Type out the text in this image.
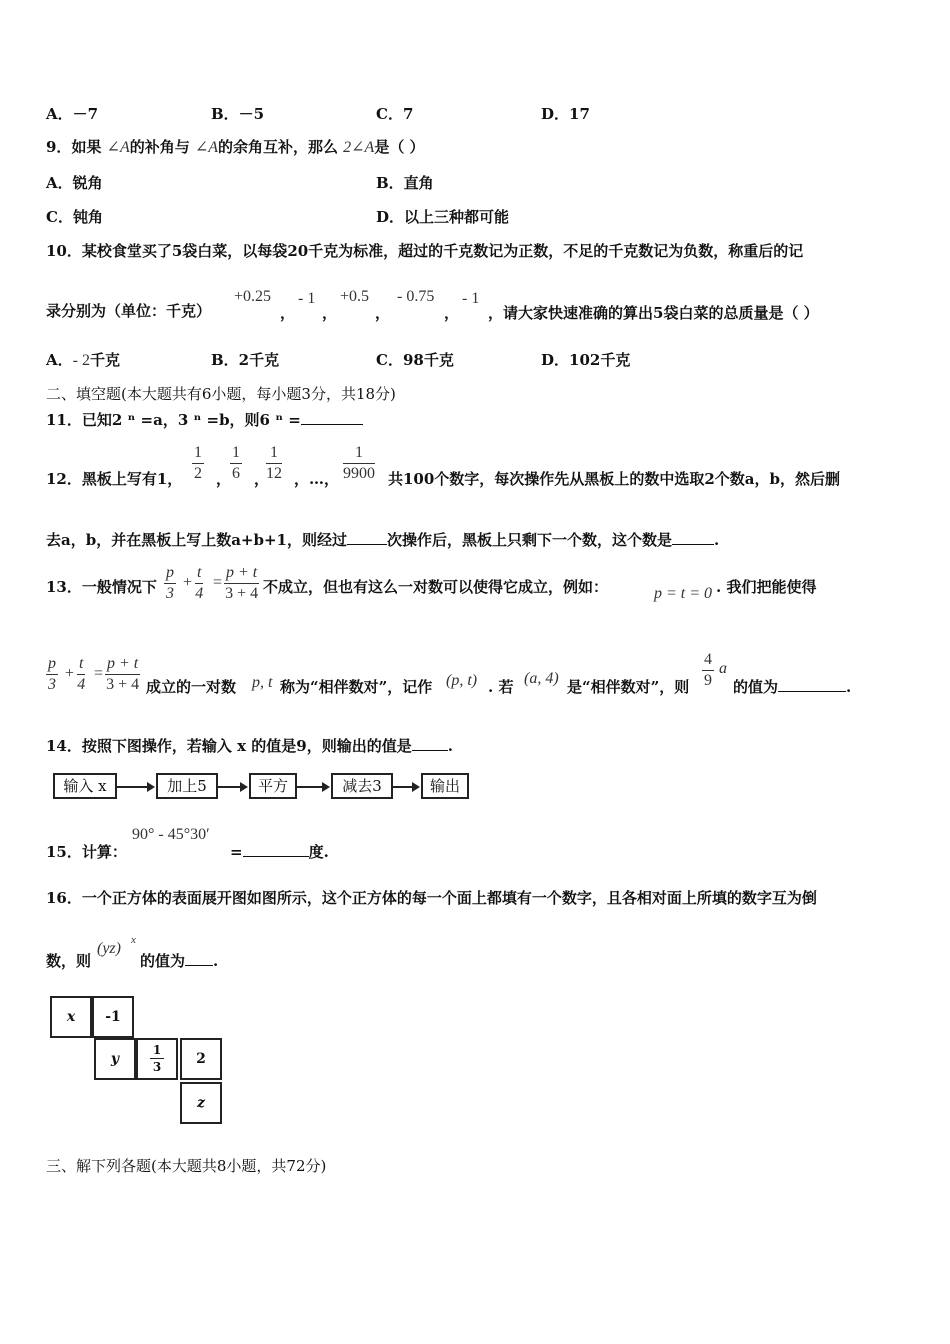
A．－7	B．－5	C．7	D．17
9．如果 ∠A的补角与 ∠A的余角互补，那么 2∠A是（ ）
A．锐角	B．直角
C．钝角	D．以上三种都可能
10．某校食堂买了5袋白菜，以每袋20千克为标准，超过的千克数记为正数，不足的千克数记为负数，称重后的记
录分别为（单位：千克）
+0.25
，
- 1
，
+0.5
，
- 0.75
，
- 1
，请大家快速准确的算出5袋白菜的总质量是（ ）
A．- 2千克	B．2千克	C．98千克	D．102千克
二、填空题(本大题共有6小题，每小题3分，共18分)
11．已知2 ⁿ =a，3 ⁿ =b，则6 ⁿ =
12．黑板上写有1， $\frac{1}{2}$ ，
$\frac{1}{6}$ ，
$\frac{1}{12}$ ，…， $\frac{1}{9900}$ 共100个数字，每次操作先从黑板上的数中选取2个数a，b，然后删
去a，b，并在黑板上写上数a+b+1，则经过	次操作后，黑板上只剩下一个数，这个数是	.
13．一般情况下 $\frac{p}{3} + \frac{t}{4} = \frac{p + t}{3 + 4}$ 不成立，但也有这么一对数可以使得它成立，例如：	p = t = 0 . 我们把能使得
$\frac{p}{3} + \frac{t}{4} = \frac{p + t}{3 + 4}$ 成立的一对数 p, t 称为“相伴数对”，记作 (p, t) . 若 (a, 4) 是“相伴数对”，则 $\frac{4}{9}$ a
的值为	.
14．按照下图操作，若输入 x 的值是9，则输出的值是 .
输入 x	加上5	平方	减去3	输出
15．计算：
90° - 45°30′
=	度.
16．一个正方体的表面展开图如图所示，这个正方体的每一个面上都填有一个数字，且各相对面上所填的数字互为倒
数，则
(yz) x
的值为 .
x	-1
y
1
3	2
z
三、解下列各题(本大题共8小题，共72分)
